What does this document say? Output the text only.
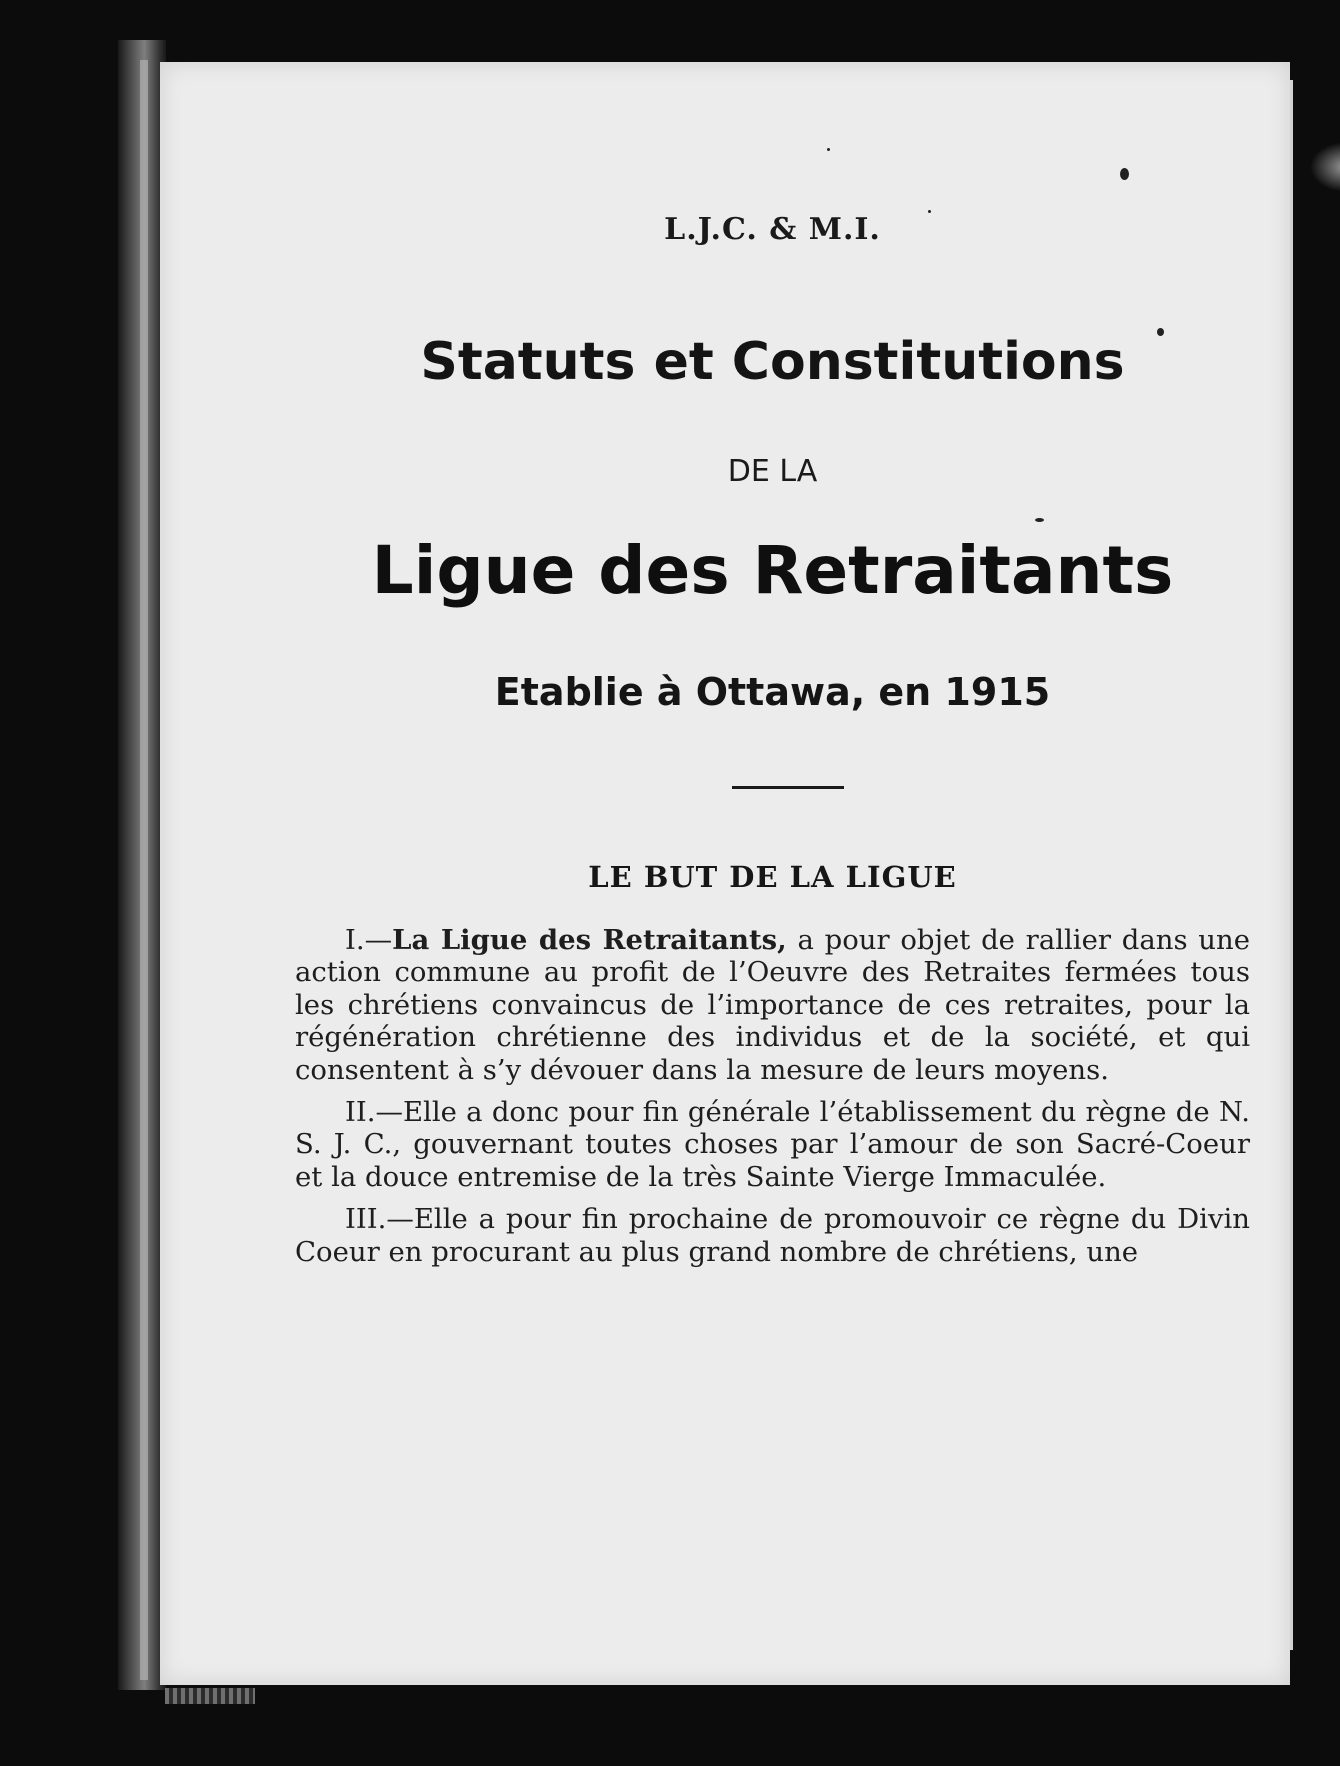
L.J.C. & M.I.
Statuts et Constitutions
DE LA
Ligue des Retraitants
Etablie à Ottawa, en 1915
LE BUT DE LA LIGUE

I.—La Ligue des Retraitants, a pour objet de rallier dans une action commune au profit de l’Oeuvre des Retraites fermées tous les chrétiens convaincus de l’importance de ces retraites, pour la régénération chrétienne des individus et de la société, et qui consentent à s’y dévouer dans la mesure de leurs moyens.

II.—Elle a donc pour fin générale l’établissement du règne de N. S. J. C., gouvernant toutes choses par l’amour de son Sacré-Coeur et la douce entremise de la très Sainte Vierge Immaculée.

III.—Elle a pour fin prochaine de promouvoir ce règne du Divin Coeur en procurant au plus grand nombre de chrétiens, une
